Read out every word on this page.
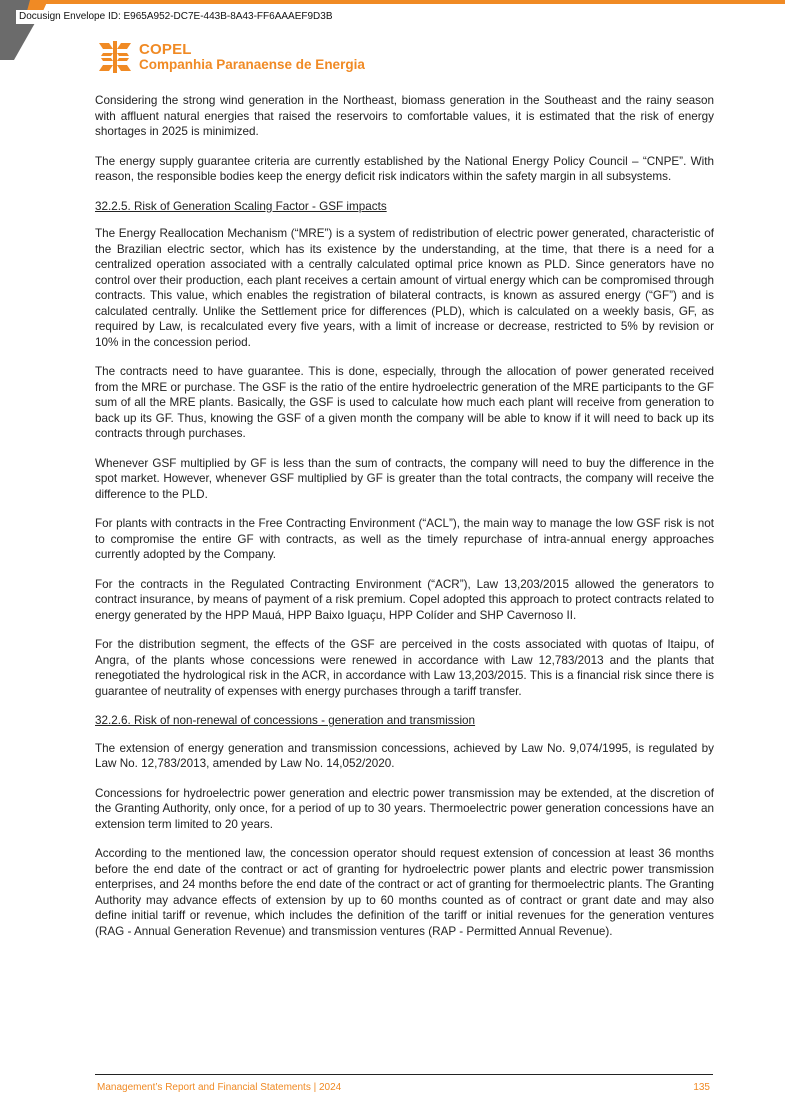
Docusign Envelope ID: E965A952-DC7E-443B-8A43-FF6AAAEF9D3B
COPEL
Companhia Paranaense de Energia

Considering the strong wind generation in the Northeast, biomass generation in the Southeast and the rainy season with affluent natural energies that raised the reservoirs to comfortable values, it is estimated that the risk of energy shortages in 2025 is minimized.

The energy supply guarantee criteria are currently established by the National Energy Policy Council – “CNPE”. With reason, the responsible bodies keep the energy deficit risk indicators within the safety margin in all subsystems.

32.2.5. Risk of Generation Scaling Factor - GSF impacts

The Energy Reallocation Mechanism (“MRE”) is a system of redistribution of electric power generated, characteristic of the Brazilian electric sector, which has its existence by the understanding, at the time, that there is a need for a centralized operation associated with a centrally calculated optimal price known as PLD. Since generators have no control over their production, each plant receives a certain amount of virtual energy which can be compromised through contracts. This value, which enables the registration of bilateral contracts, is known as assured energy (“GF”) and is calculated centrally. Unlike the Settlement price for differences (PLD), which is calculated on a weekly basis, GF, as required by Law, is recalculated every five years, with a limit of increase or decrease, restricted to 5% by revision or 10% in the concession period.

The contracts need to have guarantee. This is done, especially, through the allocation of power generated received from the MRE or purchase. The GSF is the ratio of the entire hydroelectric generation of the MRE participants to the GF sum of all the MRE plants. Basically, the GSF is used to calculate how much each plant will receive from generation to back up its GF. Thus, knowing the GSF of a given month the company will be able to know if it will need to back up its contracts through purchases.

Whenever GSF multiplied by GF is less than the sum of contracts, the company will need to buy the difference in the spot market. However, whenever GSF multiplied by GF is greater than the total contracts, the company will receive the difference to the PLD.

For plants with contracts in the Free Contracting Environment (“ACL”), the main way to manage the low GSF risk is not to compromise the entire GF with contracts, as well as the timely repurchase of intra-annual energy approaches currently adopted by the Company.

For the contracts in the Regulated Contracting Environment (“ACR”), Law 13,203/2015 allowed the generators to contract insurance, by means of payment of a risk premium. Copel adopted this approach to protect contracts related to energy generated by the HPP Mauá, HPP Baixo Iguaçu, HPP Colíder and SHP Cavernoso II.

For the distribution segment, the effects of the GSF are perceived in the costs associated with quotas of Itaipu, of Angra, of the plants whose concessions were renewed in accordance with Law 12,783/2013 and the plants that renegotiated the hydrological risk in the ACR, in accordance with Law 13,203/2015. This is a financial risk since there is guarantee of neutrality of expenses with energy purchases through a tariff transfer.

32.2.6. Risk of non-renewal of concessions - generation and transmission

The extension of energy generation and transmission concessions, achieved by Law No. 9,074/1995, is regulated by Law No. 12,783/2013, amended by Law No. 14,052/2020.

Concessions for hydroelectric power generation and electric power transmission may be extended, at the discretion of the Granting Authority, only once, for a period of up to 30 years. Thermoelectric power generation concessions have an extension term limited to 20 years.

According to the mentioned law, the concession operator should request extension of concession at least 36 months before the end date of the contract or act of granting for hydroelectric power plants and electric power transmission enterprises, and 24 months before the end date of the contract or act of granting for thermoelectric plants. The Granting Authority may advance effects of extension by up to 60 months counted as of contract or grant date and may also define initial tariff or revenue, which includes the definition of the tariff or initial revenues for the generation ventures (RAG - Annual Generation Revenue) and transmission ventures (RAP - Permitted Annual Revenue).

Management’s Report and Financial Statements | 2024	135
